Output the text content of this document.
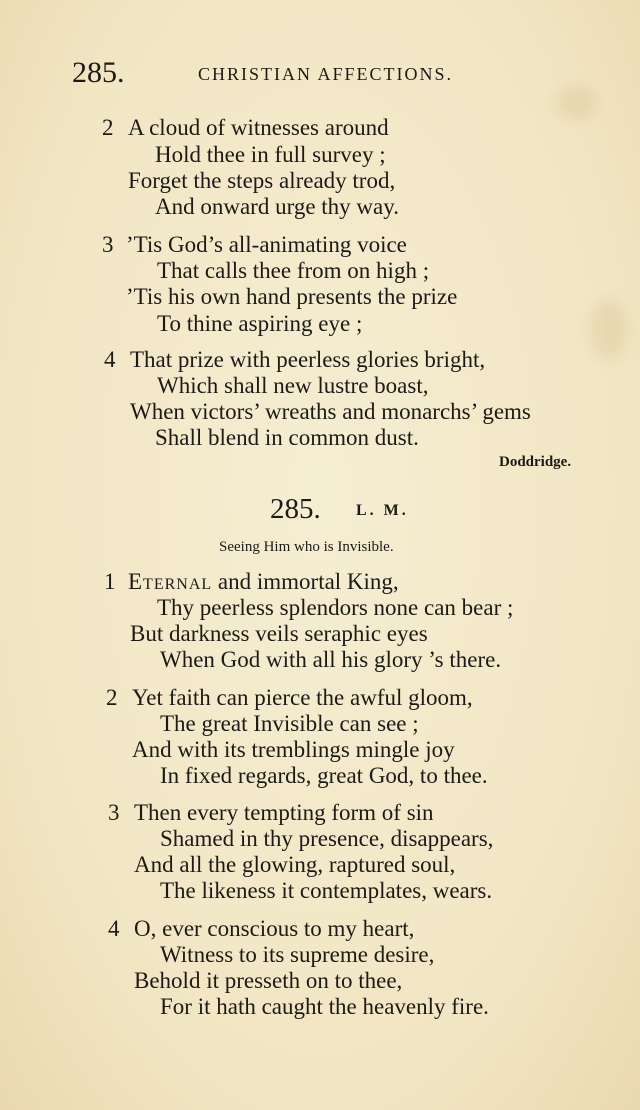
285.	CHRISTIAN AFFECTIONS.
2 A cloud of witnesses around
Hold thee in full survey ;
Forget the steps already trod,
And onward urge thy way.
3 ’Tis God’s all-animating voice
That calls thee from on high ;
’Tis his own hand presents the prize
To thine aspiring eye ;
4 That prize with peerless glories bright,
Which shall new lustre boast,
When victors’ wreaths and monarchs’ gems
Shall blend in common dust.
Doddridge.
285. L. M.
Seeing Him who is Invisible.
1 Eternal and immortal King,
Thy peerless splendors none can bear ;
But darkness veils seraphic eyes
When God with all his glory ’s there.
2 Yet faith can pierce the awful gloom,
The great Invisible can see ;
And with its tremblings mingle joy
In fixed regards, great God, to thee.
3 Then every tempting form of sin
Shamed in thy presence, disappears,
And all the glowing, raptured soul,
The likeness it contemplates, wears.
4 O, ever conscious to my heart,
Witness to its supreme desire,
Behold it presseth on to thee,
For it hath caught the heavenly fire.
